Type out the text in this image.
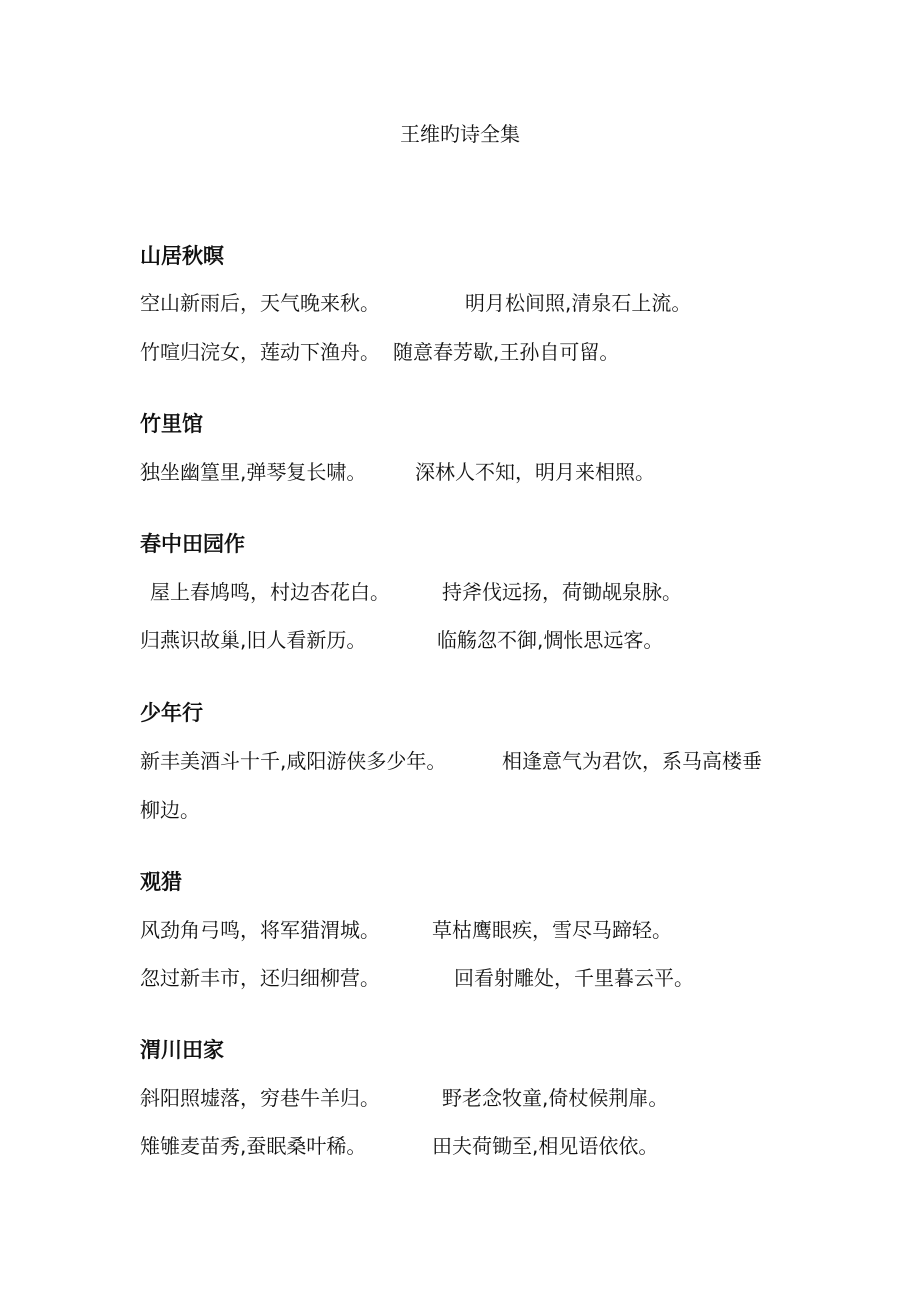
王维旳诗全集
山居秋暝
空山新雨后，天气晚来秋。	明月松间照,清泉石上流。
竹喧归浣女，莲动下渔舟。 随意春芳歇,王孙自可留。
竹里馆
独坐幽篁里,弹琴复长啸。 深林人不知，明月来相照。
春中田园作
屋上春鸠鸣，村边杏花白。	持斧伐远扬，荷锄觇泉脉。
归燕识故巢,旧人看新历。	临觞忽不御,惆怅思远客。
少年行
新丰美酒斗十千,咸阳游侠多少年。	相逢意气为君饮，系马高楼垂
柳边。
观猎
风劲角弓鸣，将军猎渭城。	草枯鹰眼疾，雪尽马蹄轻。
忽过新丰市，还归细柳营。	回看射雕处，千里暮云平。
渭川田家
斜阳照墟落，穷巷牛羊归。	野老念牧童,倚杖候荆扉。
雉雊麦苗秀,蚕眠桑叶稀。	田夫荷锄至,相见语依依。
